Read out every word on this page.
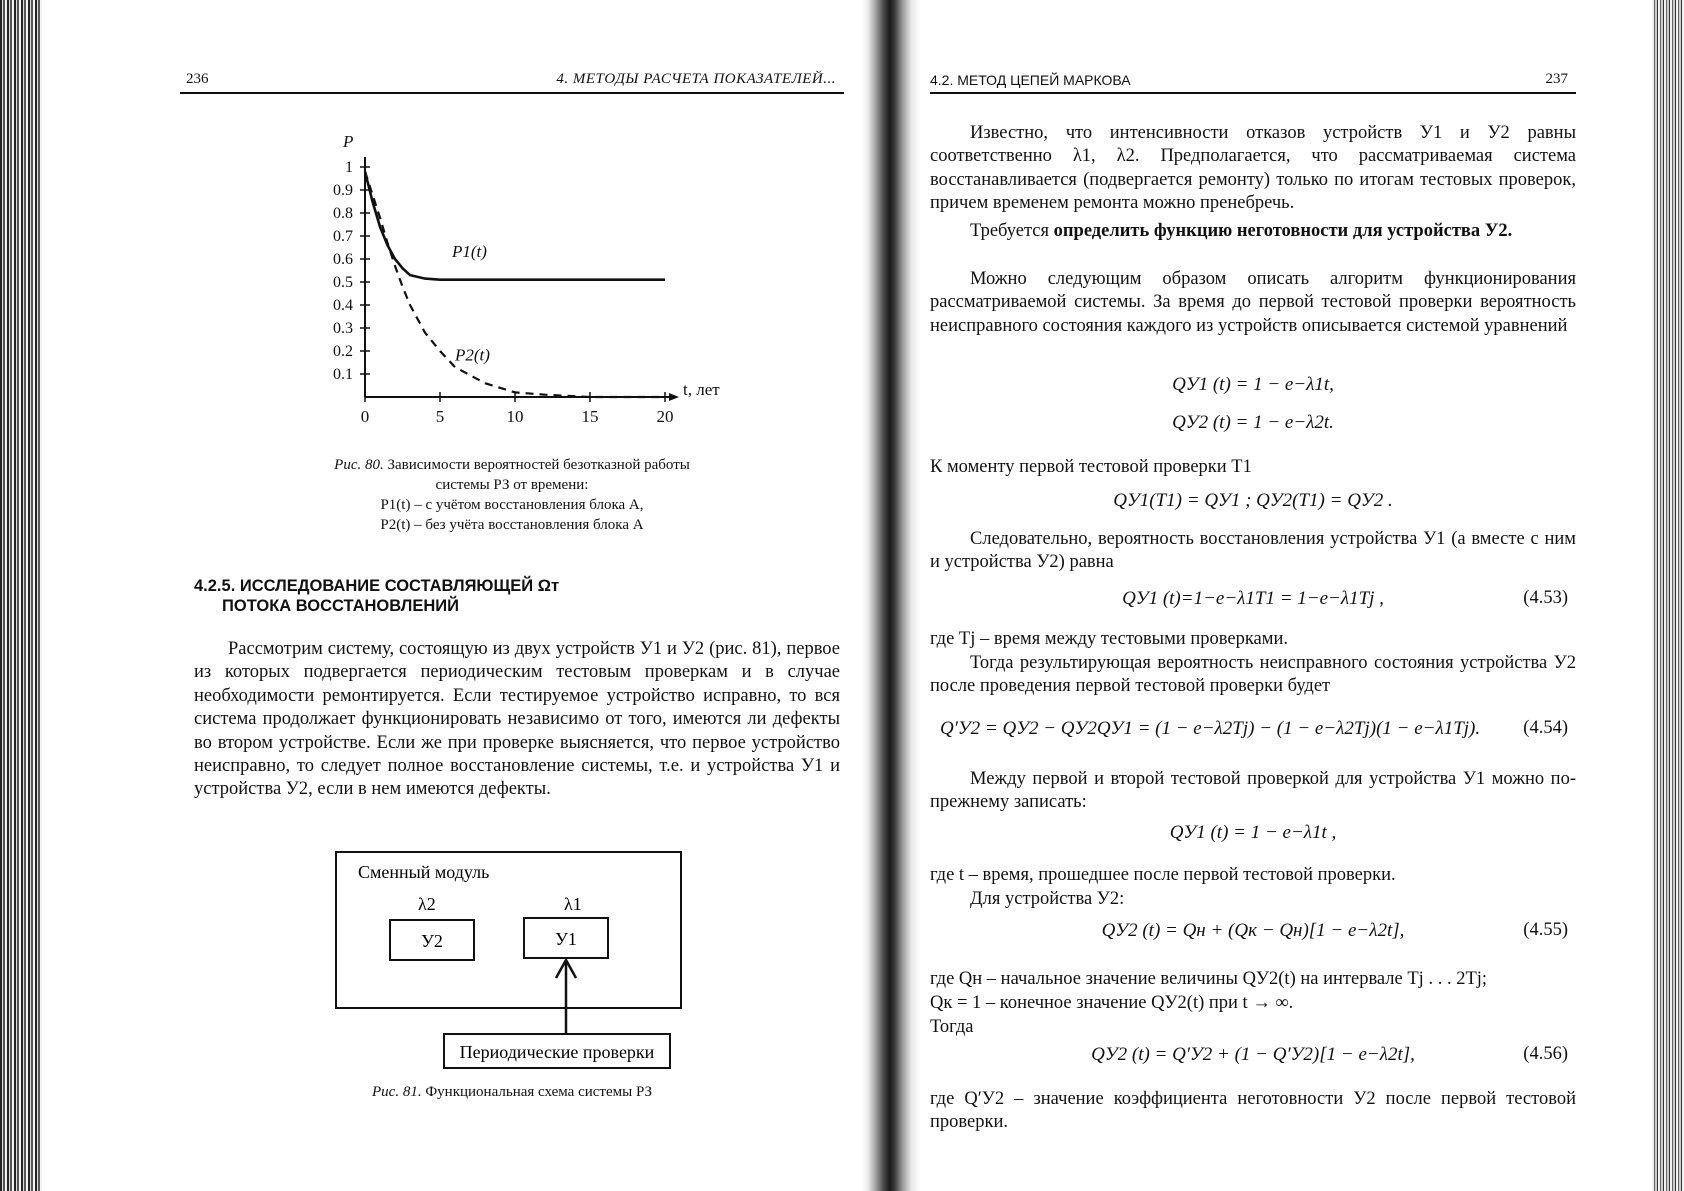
236	4. МЕТОДЫ РАСЧЕТА ПОКАЗАТЕЛЕЙ...
0.1
0.2
0.3
0.4
0.5
0.6
0.7
0.8
0.9
1
0	5	10	15	20
P
t, лет
P1(t)
P2(t)
Рис. 80. Зависимости вероятностей безотказной работы
системы РЗ от времени:
P1(t) – с учётом восстановления блока А,
P2(t) – без учёта восстановления блока А
4.2.5. ИССЛЕДОВАНИЕ СОСТАВЛЯЮЩЕЙ Ωт
ПОТОКА ВОССТАНОВЛЕНИЙ

Рассмотрим систему, состоящую из двух устройств У1 и У2 (рис. 81), первое из которых подвергается периодическим тестовым проверкам и в случае необходимости ремонтируется. Если тестируемое устройство исправно, то вся система продолжает функционировать независимо от того, имеются ли дефекты во втором устройстве. Если же при проверке выясняется, что первое устройство неисправно, то следует полное восстановление системы, т.е. и устройства У1 и устройства У2, если в нем имеются дефекты.

Сменный модуль
λ2	λ1
У2	У1
Периодические проверки
Рис. 81. Функциональная схема системы РЗ
4.2. МЕТОД ЦЕПЕЙ МАРКОВА	237
Известно, что интенсивности отказов устройств У1 и У2 равны соответственно λ1, λ2. Предполагается, что рассматриваемая система восстанавливается (подвергается ремонту) только по итогам тестовых проверок, причем временем ремонта можно пренебречь.
Требуется определить функцию неготовности для устройства У2.
Можно следующим образом описать алгоритм функционирования рассматриваемой системы. За время до первой тестовой проверки вероятность неисправного состояния каждого из устройств описывается системой уравнений
QУ1 (t) = 1 − e−λ1t,
QУ2 (t) = 1 − e−λ2t.
К моменту первой тестовой проверки T1
QУ1(T1) = QУ1 ; QУ2(T1) = QУ2 .
Следовательно, вероятность восстановления устройства У1 (а вместе с ним и устройства У2) равна
QУ1 (t)=1−e−λ1T1 = 1−e−λ1Tj ,	(4.53)
где Tj – время между тестовыми проверками.
Тогда результирующая вероятность неисправного состояния устройства У2 после проведения первой тестовой проверки будет
Q′У2 = QУ2 − QУ2QУ1 = (1 − e−λ2Tj) − (1 − e−λ2Tj)(1 − e−λ1Tj). (4.54)
Между первой и второй тестовой проверкой для устройства У1 можно по-прежнему записать:
QУ1 (t) = 1 − e−λ1t ,
где t – время, прошедшее после первой тестовой проверки.
Для устройства У2:
QУ2 (t) = Qн + (Qк − Qн)[1 − e−λ2t],	(4.55)
где Qн – начальное значение величины QУ2(t) на интервале Tj . . . 2Tj;
Qк = 1 – конечное значение QУ2(t) при t → ∞.
Тогда
QУ2 (t) = Q′У2 + (1 − Q′У2)[1 − e−λ2t],	(4.56)
где Q′У2 – значение коэффициента неготовности У2 после первой тестовой проверки.
